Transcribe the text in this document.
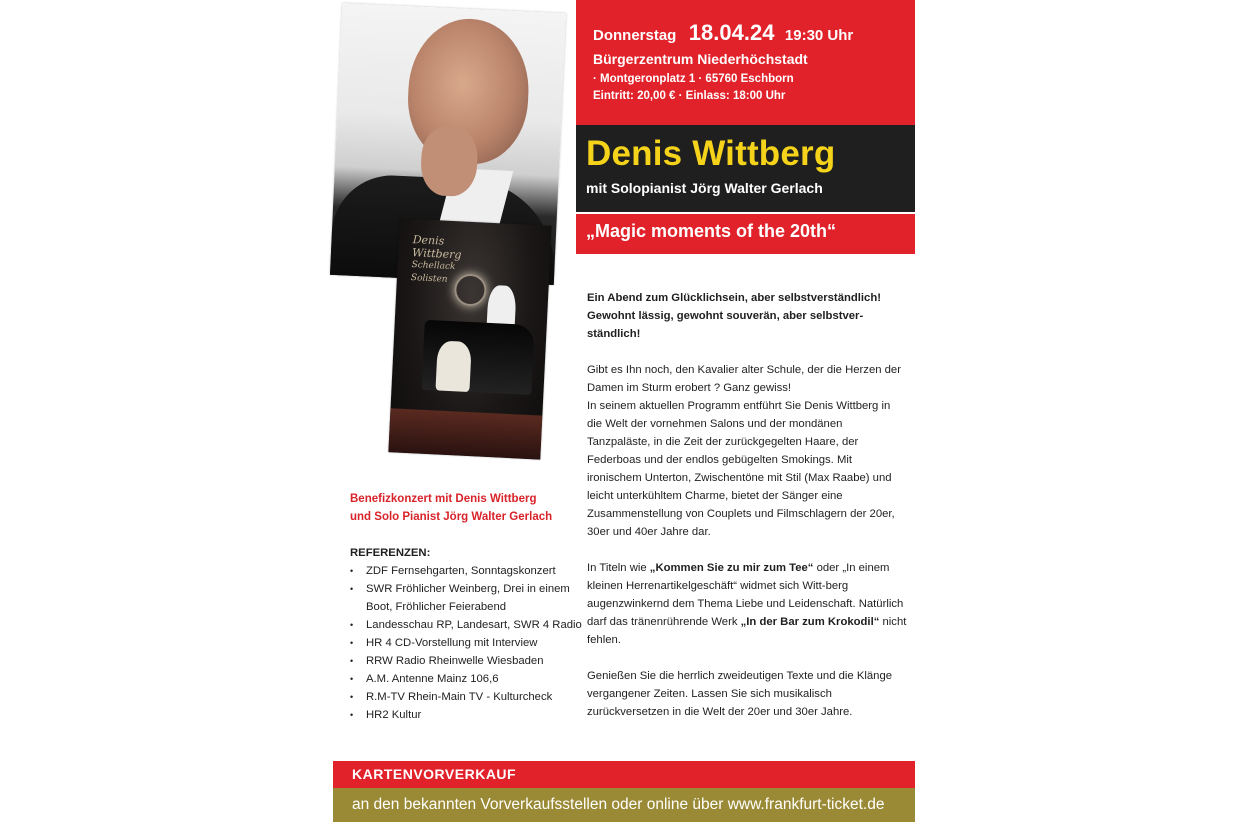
Denis Wittberg
Schellack Solisten
Donnerstag 18.04.24 19:30 Uhr
Bürgerzentrum Niederhöchstadt
· Montgeronplatz 1 · 65760 Eschborn
Eintritt: 20,00 € · Einlass: 18:00 Uhr
Denis Wittberg
mit Solopianist Jörg Walter Gerlach
„Magic moments of the 20th“

Ein Abend zum Glücklichsein, aber selbstverständlich! Gewohnt lässig, gewohnt souverän, aber selbstver-ständlich!

Gibt es Ihn noch, den Kavalier alter Schule, der die Herzen der Damen im Sturm erobert ? Ganz gewiss!
In seinem aktuellen Programm entführt Sie Denis Wittberg in die Welt der vornehmen Salons und der mondänen Tanzpaläste, in die Zeit der zurückgegelten Haare, der Federboas und der endlos gebügelten Smokings. Mit ironischem Unterton, Zwischentöne mit Stil (Max Raabe) und leicht unterkühltem Charme, bietet der Sänger eine Zusammenstellung von Couplets und Filmschlagern der 20er, 30er und 40er Jahre dar.

In Titeln wie „Kommen Sie zu mir zum Tee“ oder „In einem kleinen Herrenartikelgeschäft“ widmet sich Witt-berg augenzwinkernd dem Thema Liebe und Leidenschaft. Natürlich darf das tränenrührende Werk „In der Bar zum Krokodil“ nicht fehlen.

Genießen Sie die herrlich zweideutigen Texte und die Klänge vergangener Zeiten. Lassen Sie sich musikalisch zurückversetzen in die Welt der 20er und 30er Jahre.

Benefizkonzert mit Denis Wittberg
und Solo Pianist Jörg Walter Gerlach
REFERENZEN:
• ZDF Fernsehgarten, Sonntagskonzert
• SWR Fröhlicher Weinberg, Drei in einem Boot, Fröhlicher Feierabend
• Landesschau RP, Landesart, SWR 4 Radio
• HR 4 CD-Vorstellung mit Interview
• RRW Radio Rheinwelle Wiesbaden
• A.M. Antenne Mainz 106,6
• R.M-TV Rhein-Main TV - Kulturcheck
• HR2 Kultur
KARTENVORVERKAUF
an den bekannten Vorverkaufsstellen oder online über www.frankfurt-ticket.de
